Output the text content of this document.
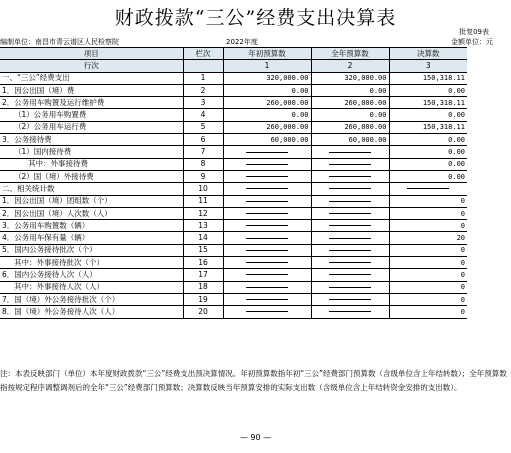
财政拨款“三公”经费支出决算表
批复09表
编制单位：南昌市青云谱区人民检察院	2022年度	金额单位：元
项目	栏次	年初预算数	全年预算数	决算数
行次		1	2	3
一、“三公”经费支出	1	320,000.00	320,000.00	150,318.11
1．因公出国（境）费	2	0.00	0.00	0.00
2．公务用车购置及运行维护费	3	260,000.00	260,000.00	150,318.11
（1）公务用车购置费	4	0.00	0.00	0.00
（2）公务用车运行费	5	260,000.00	260,000.00	150,318.11
3．公务接待费	6	60,000.00	60,000.00	0.00
（1）国内接待费	7			0.00
其中：外事接待费	8			0.00
（2）国（境）外接待费	9			0.00
二、相关统计数	10			
1．因公出国（境）团组数（个）	11			0
2．因公出国（境）人次数（人）	12			0
3．公务用车购置数（辆）	13			0
4．公务用车保有量（辆）	14			20
5．国内公务接待批次（个）	15			0
其中：外事接待批次（个）	16			0
6．国内公务接待人次（人）	17			0
其中：外事接待人次（人）	18			0
7．国（境）外公务接待批次（个）	19			0
8．国（境）外公务接待人次（人）	20			0
注：本表反映部门（单位）本年度财政拨款“三公”经费支出预决算情况。年初预算数指年初“三公”经费部门预算数（含级单位含上年结转数）；全年预算数指按规定程序调整调剂后的全年“三公”经费部门预算数；决算数反映当年预算安排的实际支出数（含级单位含上年结转资金安排的支出数）。
— 90 —
